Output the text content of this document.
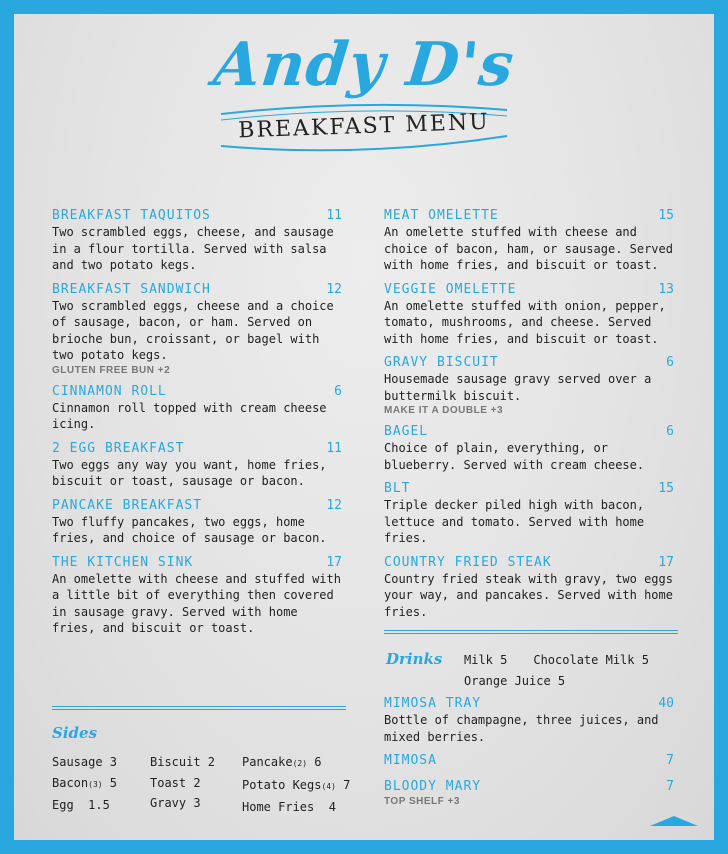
Andy D's
BREAKFAST MENU
BREAKFAST TAQUITOS	11
Two scrambled eggs, cheese, and sausage in a flour tortilla. Served with salsa and two potato kegs.
BREAKFAST SANDWICH	12
Two scrambled eggs, cheese and a choice of sausage, bacon, or ham. Served on brioche bun, croissant, or bagel with two potato kegs.
GLUTEN FREE BUN +2
CINNAMON ROLL	6
Cinnamon roll topped with cream cheese icing.
2 EGG BREAKFAST	11
Two eggs any way you want, home fries, biscuit or toast, sausage or bacon.
PANCAKE BREAKFAST	12
Two fluffy pancakes, two eggs, home fries, and choice of sausage or bacon.
THE KITCHEN SINK	17
An omelette with cheese and stuffed with a little bit of everything then covered in sausage gravy. Served with home fries, and biscuit or toast.
MEAT OMELETTE	15
An omelette stuffed with cheese and choice of bacon, ham, or sausage. Served with home fries, and biscuit or toast.
VEGGIE OMELETTE	13
An omelette stuffed with onion, pepper, tomato, mushrooms, and cheese. Served with home fries, and biscuit or toast.
GRAVY BISCUIT	6
Housemade sausage gravy served over a buttermilk biscuit.
MAKE IT A DOUBLE +3
BAGEL	6
Choice of plain, everything, or blueberry. Served with cream cheese.
BLT	15
Triple decker piled high with bacon, lettuce and tomato. Served with home fries.
COUNTRY FRIED STEAK	17
Country fried steak with gravy, two eggs your way, and pancakes. Served with home fries.
Drinks Milk 5 Chocolate Milk 5
Orange Juice 5
MIMOSA TRAY	40
Bottle of champagne, three juices, and mixed berries.
MIMOSA	7
BLOODY MARY	7
TOP SHELF +3
Sides
Sausage 3
Bacon(3) 5
Egg  1.5
Biscuit 2
Toast 2
Gravy 3
Pancake(2) 6
Potato Kegs(4) 7
Home Fries  4
